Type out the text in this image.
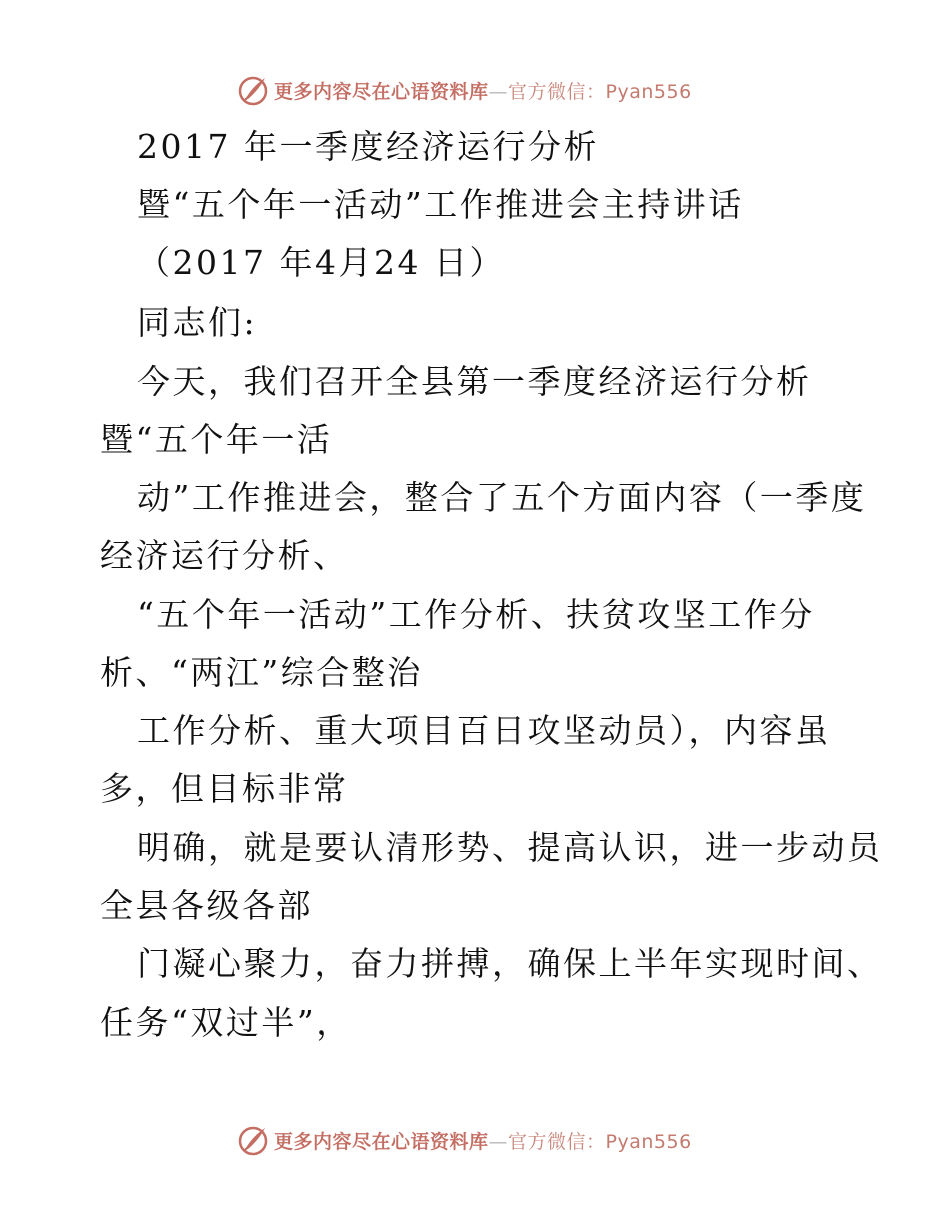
更多内容尽在心语资料库—官方微信：Pyan556
2017 年一季度经济运行分析
暨“五个年一活动”工作推进会主持讲话
（2017 年4月24 日）
同志们:
今天，我们召开全县第一季度经济运行分析
暨“五个年一活
动”工作推进会，整合了五个方面内容（一季度
经济运行分析、
“五个年一活动”工作分析、扶贫攻坚工作分
析、“两江”综合整治
工作分析、重大项目百日攻坚动员），内容虽
多，但目标非常
明确，就是要认清形势、提高认识，进一步动员
全县各级各部
门凝心聚力，奋力拼搏，确保上半年实现时间、
任务“双过半”，
更多内容尽在心语资料库—官方微信：Pyan556
